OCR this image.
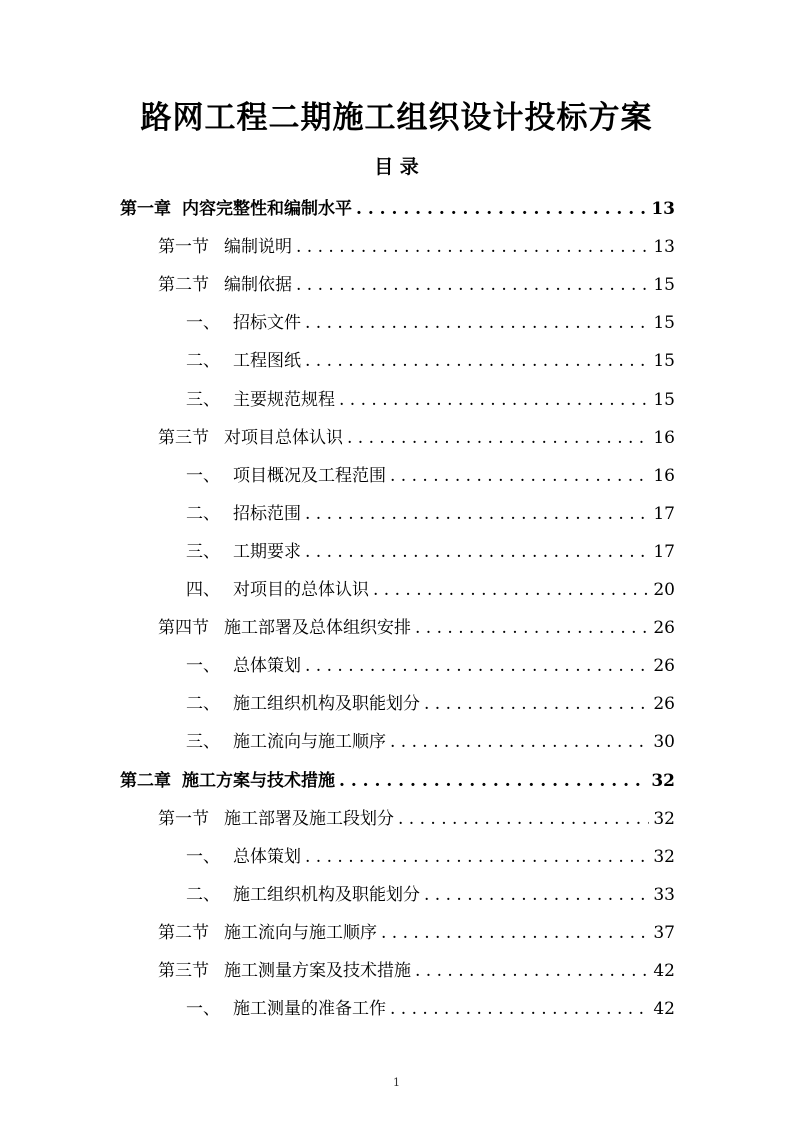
路网工程二期施工组织设计投标方案
目 录
第一章 内容完整性和编制水平 . . .	13
第一节 编制说明 . . .	13
第二节 编制依据 . . .	15
一、 招标文件 . . .	15
二、 工程图纸 . . .	15
三、 主要规范规程 . . .	15
第三节 对项目总体认识 . . .	16
一、 项目概况及工程范围 . . .	16
二、 招标范围 . . .	17
三、 工期要求 . . .	17
四、 对项目的总体认识 . . .	20
第四节 施工部署及总体组织安排 . . .	26
一、 总体策划 . . .	26
二、 施工组织机构及职能划分 . . .	26
三、 施工流向与施工顺序 . . .	30
第二章 施工方案与技术措施 . . .	32
第一节 施工部署及施工段划分 . . .	32
一、 总体策划 . . .	32
二、 施工组织机构及职能划分 . . .	33
第二节 施工流向与施工顺序 . . .	37
第三节 施工测量方案及技术措施 . . .	42
一、 施工测量的准备工作 . . .	42
1
